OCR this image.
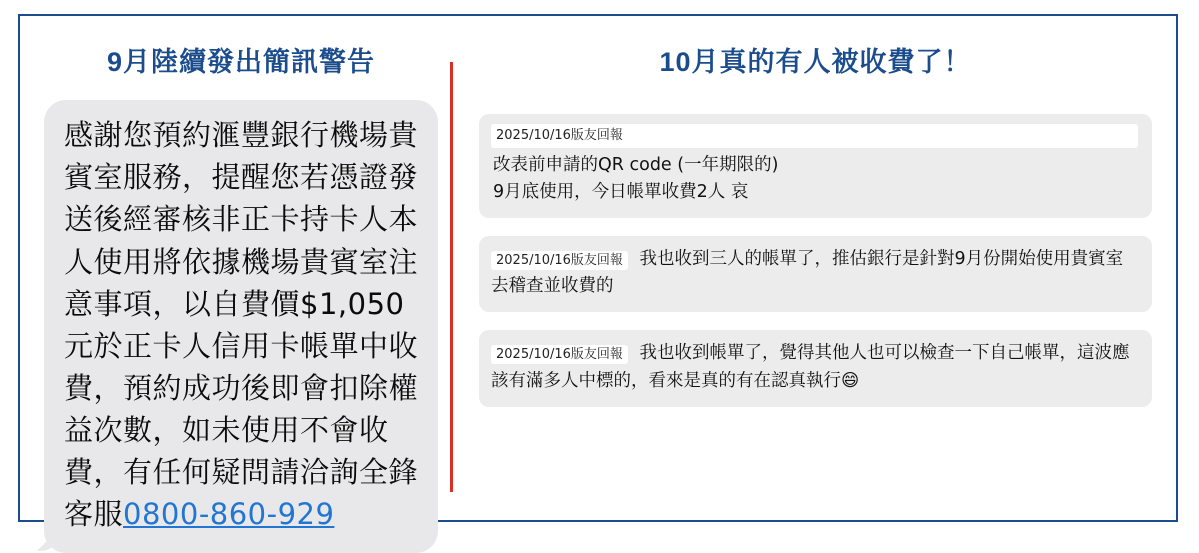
9月陸續發出簡訊警告
感謝您預約滙豐銀行機場貴賓室服務，提醒您若憑證發送後經審核非正卡持卡人本人使用將依據機場貴賓室注意事項，以自費價$1,050元於正卡人信用卡帳單中收費，預約成功後即會扣除權益次數，如未使用不會收費，有任何疑問請洽詢全鋒客服0800-860-929
10月真的有人被收費了！
2025/10/16版友回報
改表前申請的QR code (一年期限的)
9月底使用，今日帳單收費2人 哀
2025/10/16版友回報 我也收到三人的帳單了，推估銀行是針對9月份開始使用貴賓室去稽查並收費的
2025/10/16版友回報 我也收到帳單了，覺得其他人也可以檢查一下自己帳單，這波應該有滿多人中標的，看來是真的有在認真執行😄
